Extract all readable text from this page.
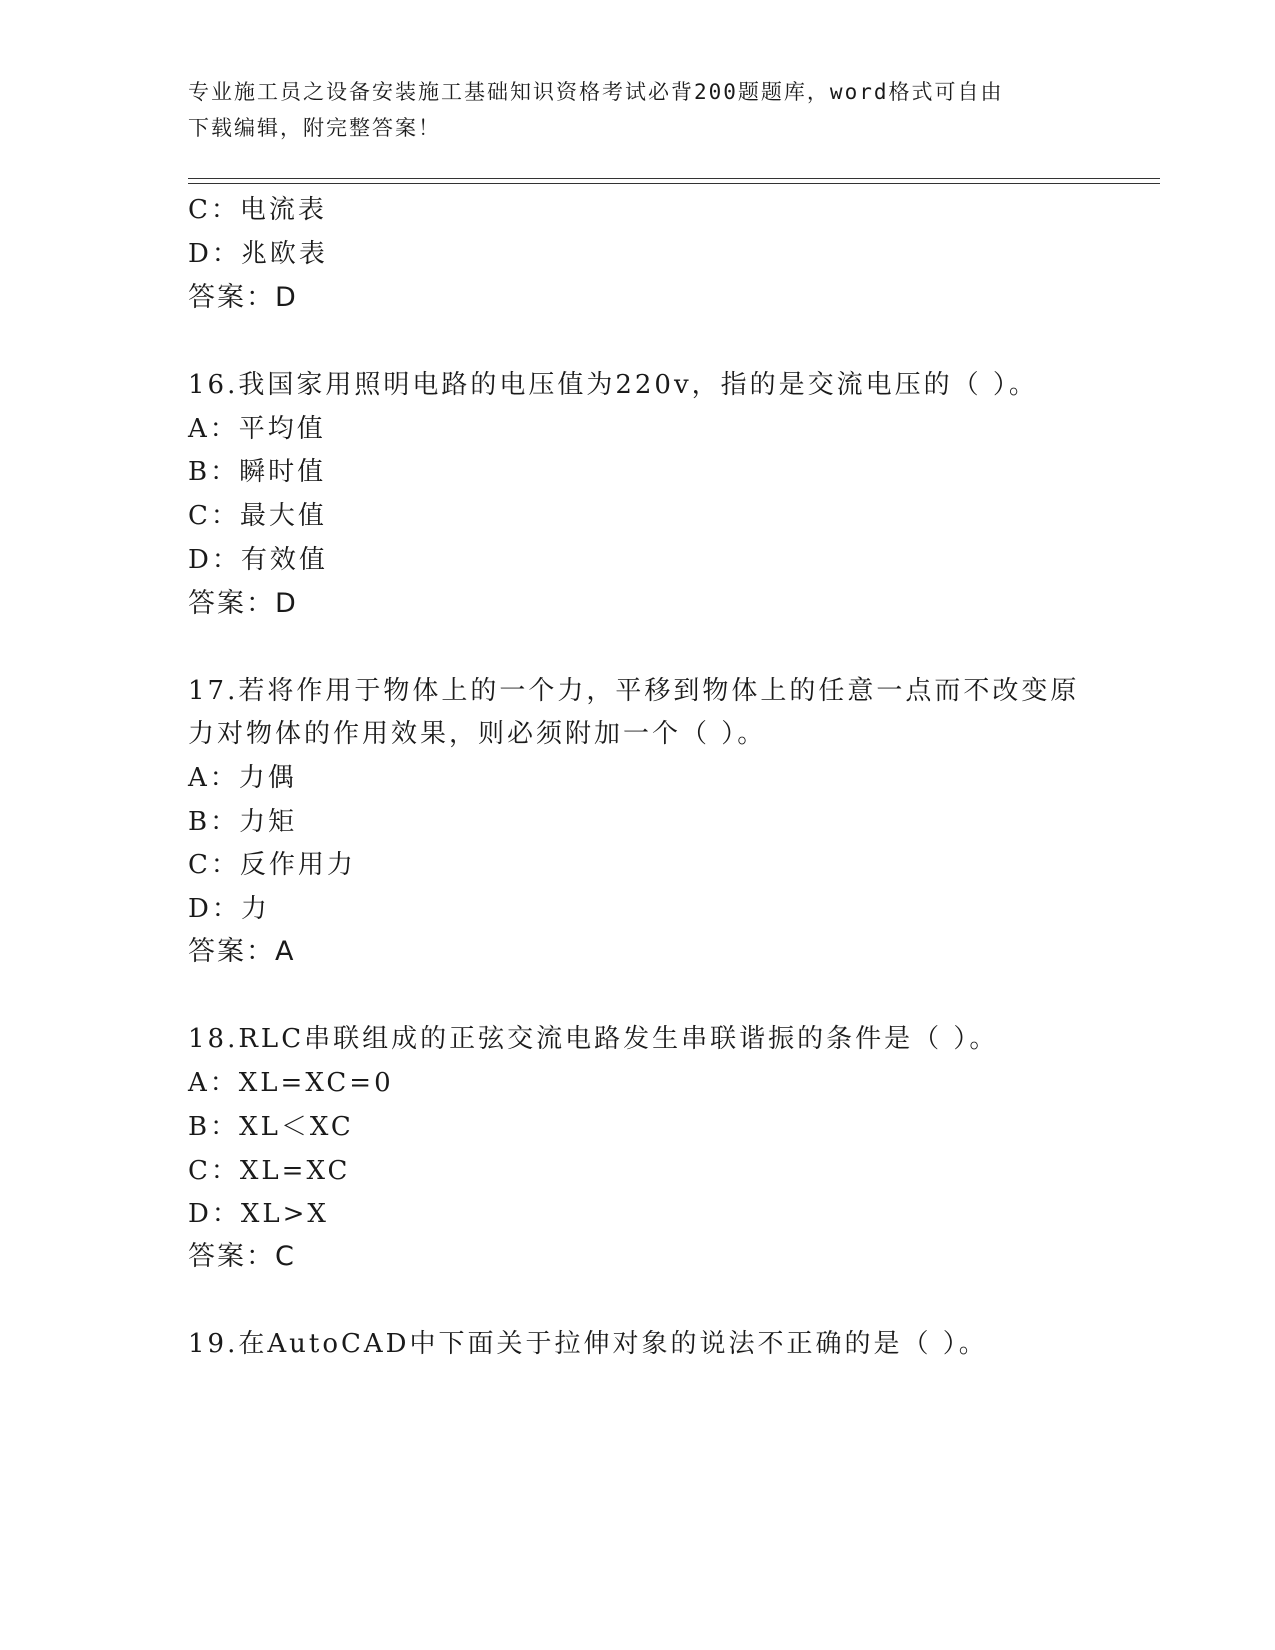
专业施工员之设备安装施工基础知识资格考试必背200题题库，word格式可自由
下载编辑，附完整答案！
C：电流表
D：兆欧表
答案：D
16.我国家用照明电路的电压值为220v，指的是交流电压的（ ）。
A：平均值
B：瞬时值
C：最大值
D：有效值
答案：D
17.若将作用于物体上的一个力，平移到物体上的任意一点而不改变原
力对物体的作用效果，则必须附加一个（ ）。
A：力偶
B：力矩
C：反作用力
D：力
答案：A
18.RLC串联组成的正弦交流电路发生串联谐振的条件是（ ）。
A：XL=XC=0
B：XL＜XC
C：XL=XC
D：XL>X
答案：C
19.在AutoCAD中下面关于拉伸对象的说法不正确的是（ ）。
